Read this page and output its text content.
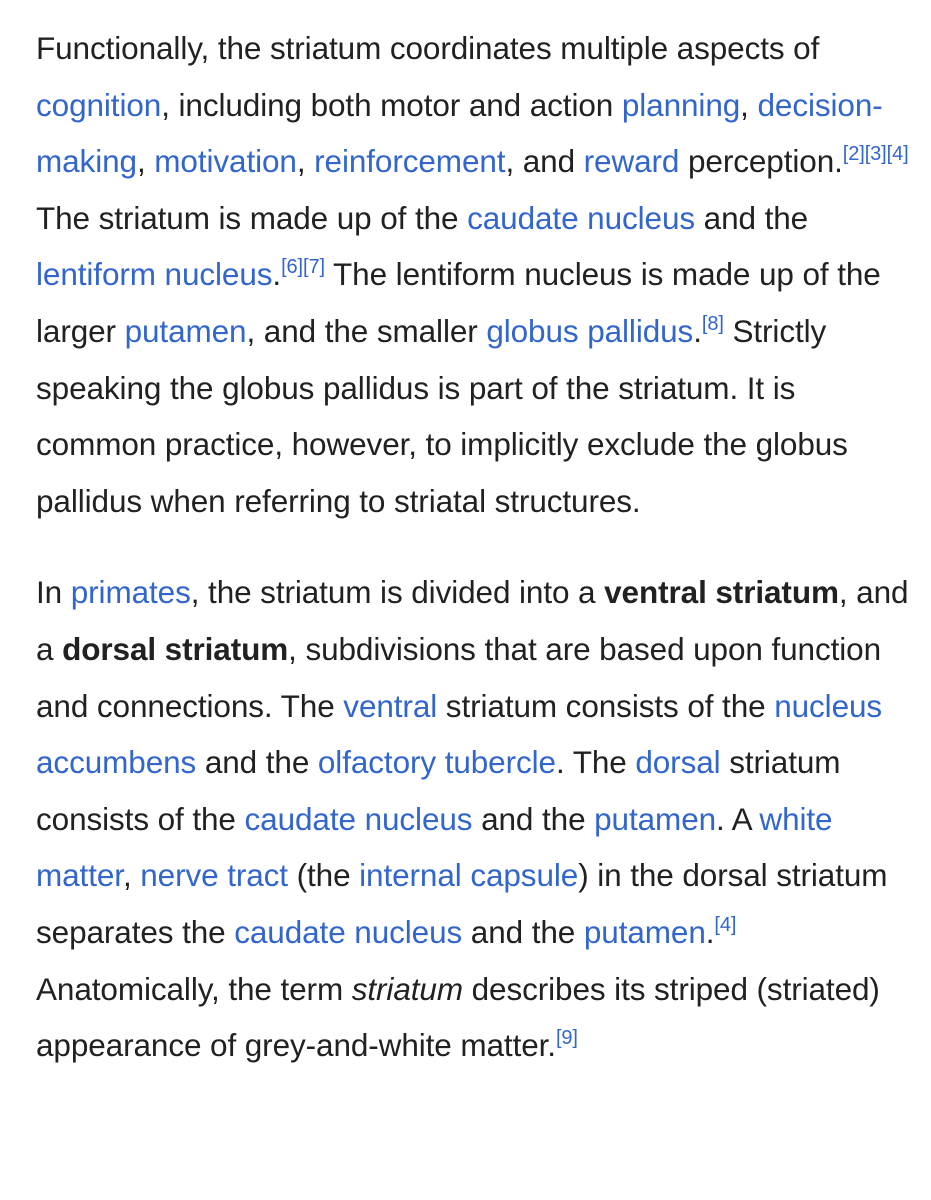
Functionally, the striatum coordinates multiple aspects of cognition, including both motor and action planning, decision-making, motivation, reinforcement, and reward perception.[2][3][4] The striatum is made up of the caudate nucleus and the lentiform nucleus.[6][7] The lentiform nucleus is made up of the larger putamen, and the smaller globus pallidus.[8] Strictly speaking the globus pallidus is part of the striatum. It is common practice, however, to implicitly exclude the globus pallidus when referring to striatal structures.

In primates, the striatum is divided into a ventral striatum, and a dorsal striatum, subdivisions that are based upon function and connections. The ventral striatum consists of the nucleus accumbens and the olfactory tubercle. The dorsal striatum consists of the caudate nucleus and the putamen. A white matter, nerve tract (the internal capsule) in the dorsal striatum separates the caudate nucleus and the putamen.[4] Anatomically, the term striatum describes its striped (striated) appearance of grey-and-white matter.[9]
